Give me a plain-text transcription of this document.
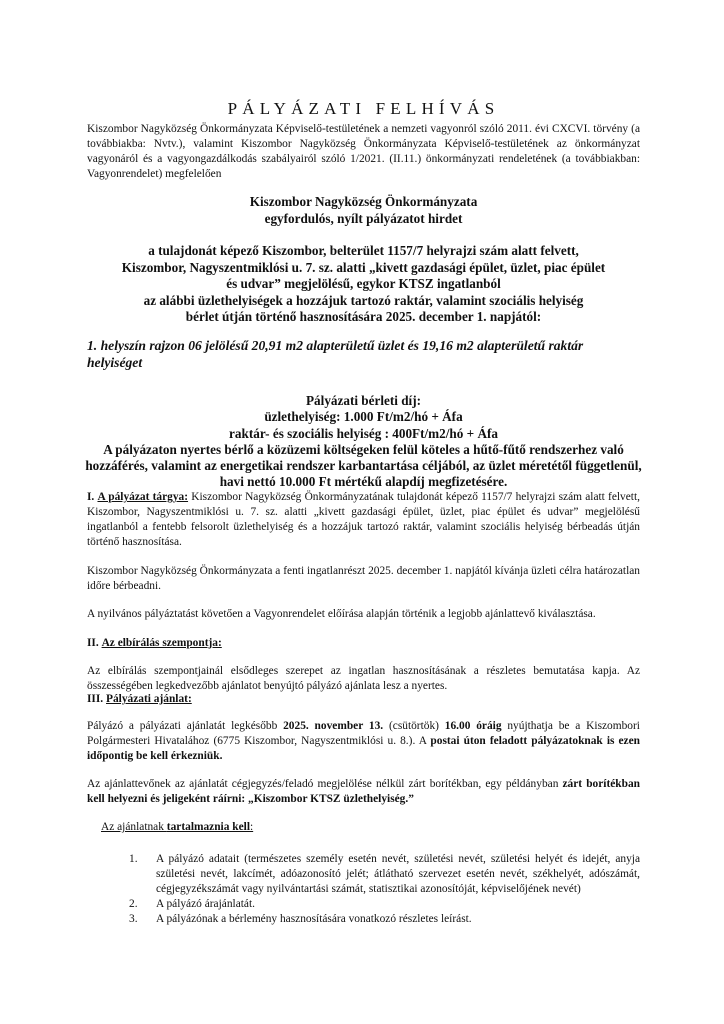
PÁLYÁZATI FELHÍVÁS

Kiszombor Nagyközség Önkormányzata Képviselő-testületének a nemzeti vagyonról szóló 2011. évi CXCVI. törvény (a továbbiakba: Nvtv.), valamint Kiszombor Nagyközség Önkormányzata Képviselő-testületének az önkormányzat vagyonáról és a vagyongazdálkodás szabályairól szóló 1/2021. (II.11.) önkormányzati rendeletének (a továbbiakban: Vagyonrendelet) megfelelően

Kiszombor Nagyközség Önkormányzata

egyfordulós, nyílt pályázatot hirdet

a tulajdonát képező Kiszombor, belterület 1157/7 helyrajzi szám alatt felvett,

Kiszombor, Nagyszentmiklósi u. 7. sz. alatti „kivett gazdasági épület, üzlet, piac épület

és udvar” megjelölésű, egykor KTSZ ingatlanból

az alábbi üzlethelyiségek a hozzájuk tartozó raktár, valamint szociális helyiség

bérlet útján történő hasznosítására 2025. december 1. napjától:

1. helyszín rajzon 06 jelölésű 20,91 m2 alapterületű üzlet és 19,16 m2 alapterületű raktár helyiséget

Pályázati bérleti díj:

üzlethelyiség: 1.000 Ft/m2/hó + Áfa

raktár- és szociális helyiség : 400Ft/m2/hó + Áfa

A pályázaton nyertes bérlő a közüzemi költségeken felül köteles a hűtő-fűtő rendszerhez való hozzáférés, valamint az energetikai rendszer karbantartása céljából, az üzlet méretétől függetlenül, havi nettó 10.000 Ft mértékű alapdíj megfizetésére.

I. A pályázat tárgya: Kiszombor Nagyközség Önkormányzatának tulajdonát képező 1157/7 helyrajzi szám alatt felvett, Kiszombor, Nagyszentmiklósi u. 7. sz. alatti „kivett gazdasági épület, üzlet, piac épület és udvar” megjelölésű ingatlanból a fentebb felsorolt üzlethelyiség és a hozzájuk tartozó raktár, valamint szociális helyiség bérbeadás útján történő hasznosítása.

Kiszombor Nagyközség Önkormányzata a fenti ingatlanrészt 2025. december 1. napjától kívánja üzleti célra határozatlan időre bérbeadni.

A nyilvános pályáztatást követően a Vagyonrendelet előírása alapján történik a legjobb ajánlattevő kiválasztása.

II. Az elbírálás szempontja:

Az elbírálás szempontjainál elsődleges szerepet az ingatlan hasznosításának a részletes bemutatása kapja. Az összességében legkedvezőbb ajánlatot benyújtó pályázó ajánlata lesz a nyertes.

III. Pályázati ajánlat:

Pályázó a pályázati ajánlatát legkésőbb 2025. november 13. (csütörtök) 16.00 óráig nyújthatja be a Kiszombori Polgármesteri Hivatalához (6775 Kiszombor, Nagyszentmiklósi u. 8.). A postai úton feladott pályázatoknak is ezen időpontig be kell érkezniük.

Az ajánlattevőnek az ajánlatát cégjegyzés/feladó megjelölése nélkül zárt borítékban, egy példányban zárt borítékban kell helyezni és jeligeként ráírni: „Kiszombor KTSZ üzlethelyiség.”

Az ajánlatnak tartalmaznia kell:

1. A pályázó adatait (természetes személy esetén nevét, születési nevét, születési helyét és idejét, anyja születési nevét, lakcímét, adóazonosító jelét; átlátható szervezet esetén nevét, székhelyét, adószámát, cégjegyzékszámát vagy nyilvántartási számát, statisztikai azonosítóját, képviselőjének nevét)
2. A pályázó árajánlatát.
3. A pályázónak a bérlemény hasznosítására vonatkozó részletes leírást.
